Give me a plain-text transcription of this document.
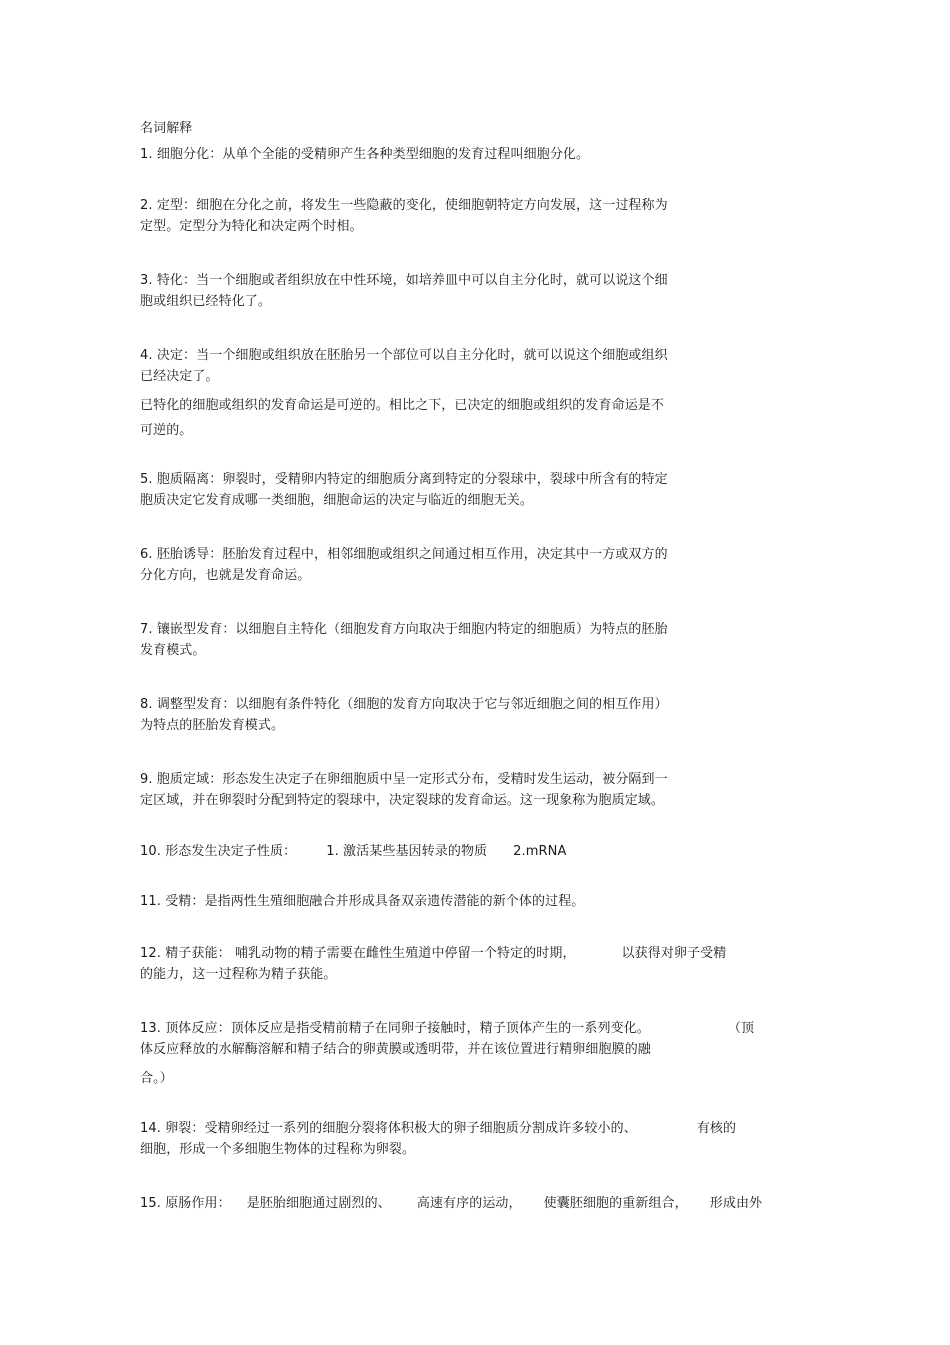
名词解释
1. 细胞分化：从单个全能的受精卵产生各种类型细胞的发育过程叫细胞分化。
2. 定型：细胞在分化之前，将发生一些隐蔽的变化，使细胞朝特定方向发展，这一过程称为
定型。定型分为特化和决定两个时相。
3. 特化：当一个细胞或者组织放在中性环境，如培养皿中可以自主分化时，就可以说这个细
胞或组织已经特化了。
4. 决定：当一个细胞或组织放在胚胎另一个部位可以自主分化时，就可以说这个细胞或组织
已经决定了。
已特化的细胞或组织的发育命运是可逆的。相比之下，已决定的细胞或组织的发育命运是不
可逆的。
5. 胞质隔离：卵裂时，受精卵内特定的细胞质分离到特定的分裂球中，裂球中所含有的特定
胞质决定它发育成哪一类细胞，细胞命运的决定与临近的细胞无关。
6. 胚胎诱导：胚胎发育过程中，相邻细胞或组织之间通过相互作用，决定其中一方或双方的
分化方向，也就是发育命运。
7. 镶嵌型发育：以细胞自主特化（细胞发育方向取决于细胞内特定的细胞质）为特点的胚胎
发育模式。
8. 调整型发育：以细胞有条件特化（细胞的发育方向取决于它与邻近细胞之间的相互作用）
为特点的胚胎发育模式。
9. 胞质定域：形态发生决定子在卵细胞质中呈一定形式分布，受精时发生运动，被分隔到一
定区域，并在卵裂时分配到特定的裂球中，决定裂球的发育命运。这一现象称为胞质定域。
10. 形态发生决定子性质： 1. 激活某些基因转录的物质 2.mRNA
11. 受精：是指两性生殖细胞融合并形成具备双亲遗传潜能的新个体的过程。
12. 精子获能： 哺乳动物的精子需要在雌性生殖道中停留一个特定的时期，	以获得对卵子受精
的能力，这一过程称为精子获能。
13. 顶体反应：顶体反应是指受精前精子在同卵子接触时，精子顶体产生的一系列变化。	（顶
体反应释放的水解酶溶解和精子结合的卵黄膜或透明带，并在该位置进行精卵细胞膜的融
合。）
14. 卵裂：受精卵经过一系列的细胞分裂将体积极大的卵子细胞质分割成许多较小的、	有核的
细胞，形成一个多细胞生物体的过程称为卵裂。
15. 原肠作用： 是胚胎细胞通过剧烈的、 高速有序的运动， 使囊胚细胞的重新组合， 形成由外
